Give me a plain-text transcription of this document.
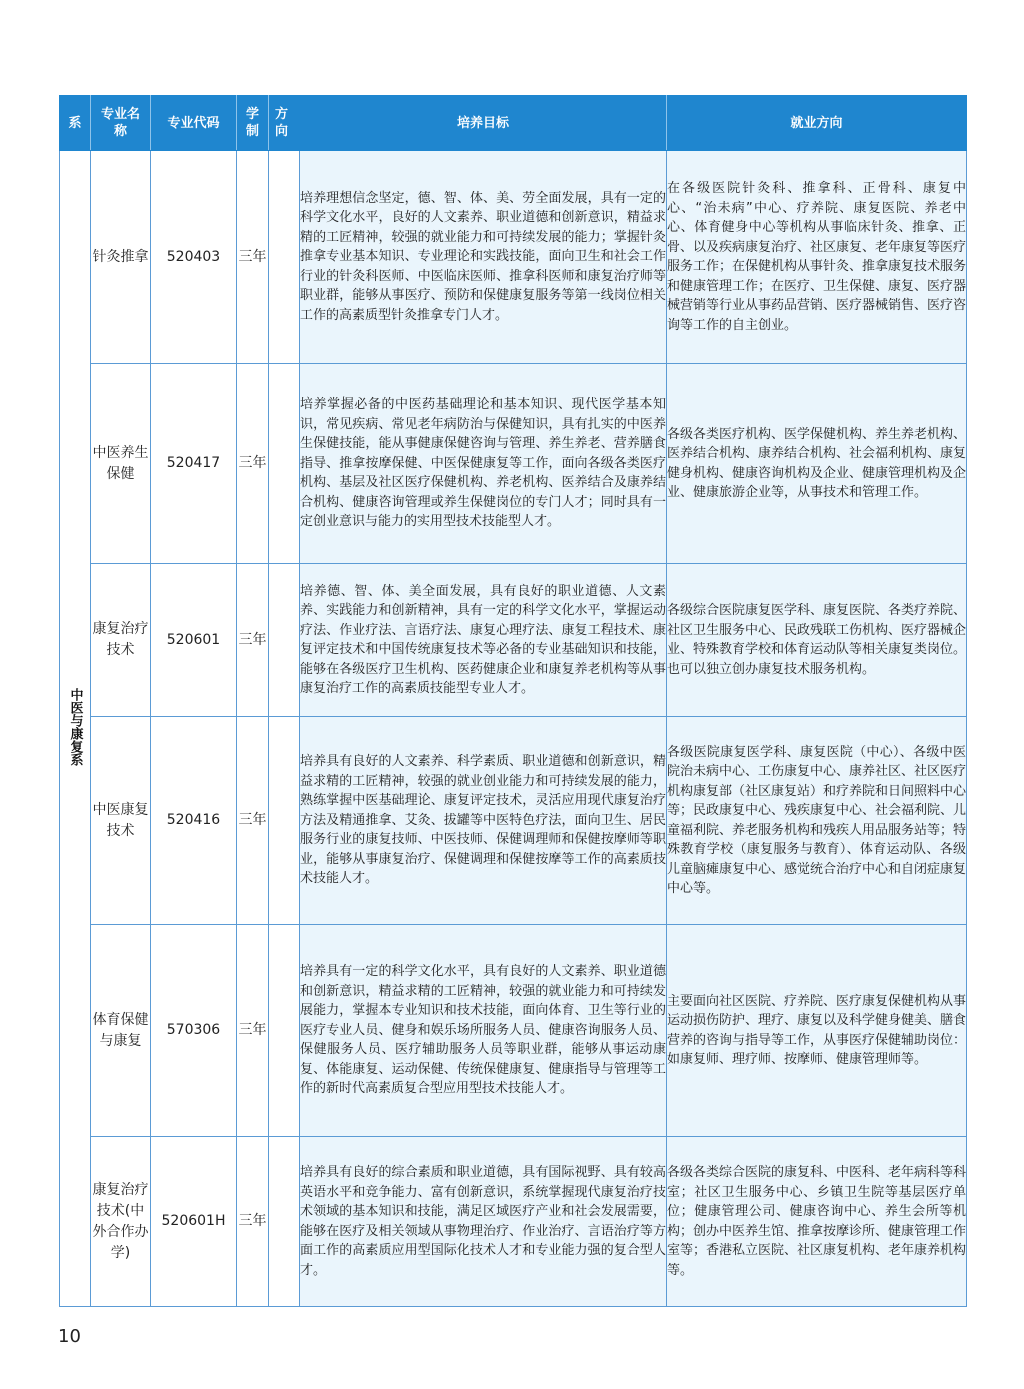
系	专业名称	专业代码	学制	方向	培养目标	就业方向
中医与康复系	针灸推拿	520403	三年		培养理想信念坚定，德、智、体、美、劳全面发展，具有一定的科学文化水平，良好的人文素养、职业道德和创新意识，精益求精的工匠精神，较强的就业能力和可持续发展的能力；掌握针灸推拿专业基本知识、专业理论和实践技能，面向卫生和社会工作行业的针灸科医师、中医临床医师、推拿科医师和康复治疗师等职业群，能够从事医疗、预防和保健康复服务等第一线岗位相关工作的高素质型针灸推拿专门人才。	在各级医院针灸科、推拿科、正骨科、康复中心、“治未病”中心、疗养院、康复医院、养老中心、体育健身中心等机构从事临床针灸、推拿、正骨、以及疾病康复治疗、社区康复、老年康复等医疗服务工作；在保健机构从事针灸、推拿康复技术服务和健康管理工作；在医疗、卫生保健、康复、医疗器械营销等行业从事药品营销、医疗器械销售、医疗咨询等工作的自主创业。
	中医养生保健	520417	三年		培养掌握必备的中医药基础理论和基本知识、现代医学基本知识，常见疾病、常见老年病防治与保健知识，具有扎实的中医养生保健技能，能从事健康保健咨询与管理、养生养老、营养膳食指导、推拿按摩保健、中医保健康复等工作，面向各级各类医疗机构、基层及社区医疗保健机构、养老机构、医养结合及康养结合机构、健康咨询管理或养生保健岗位的专门人才；同时具有一定创业意识与能力的实用型技术技能型人才。	各级各类医疗机构、医学保健机构、养生养老机构、医养结合机构、康养结合机构、社会福利机构、康复健身机构、健康咨询机构及企业、健康管理机构及企业、健康旅游企业等，从事技术和管理工作。
	康复治疗技术	520601	三年		培养德、智、体、美全面发展，具有良好的职业道德、人文素养、实践能力和创新精神，具有一定的科学文化水平，掌握运动疗法、作业疗法、言语疗法、康复心理疗法、康复工程技术、康复评定技术和中国传统康复技术等必备的专业基础知识和技能，能够在各级医疗卫生机构、医药健康企业和康复养老机构等从事康复治疗工作的高素质技能型专业人才。	各级综合医院康复医学科、康复医院、各类疗养院、社区卫生服务中心、民政残联工伤机构、医疗器械企业、特殊教育学校和体育运动队等相关康复类岗位。也可以独立创办康复技术服务机构。
	中医康复技术	520416	三年		培养具有良好的人文素养、科学素质、职业道德和创新意识，精益求精的工匠精神，较强的就业创业能力和可持续发展的能力，熟练掌握中医基础理论、康复评定技术，灵活应用现代康复治疗方法及精通推拿、艾灸、拔罐等中医特色疗法，面向卫生、居民服务行业的康复技师、中医技师、保健调理师和保健按摩师等职业，能够从事康复治疗、保健调理和保健按摩等工作的高素质技术技能人才。	各级医院康复医学科、康复医院（中心）、各级中医院治未病中心、工伤康复中心、康养社区、社区医疗机构康复部（社区康复站）和疗养院和日间照料中心等；民政康复中心、残疾康复中心、社会福利院、儿童福利院、养老服务机构和残疾人用品服务站等；特殊教育学校（康复服务与教育）、体育运动队、各级儿童脑瘫康复中心、感觉统合治疗中心和自闭症康复中心等。
	体育保健与康复	570306	三年		培养具有一定的科学文化水平，具有良好的人文素养、职业道德和创新意识，精益求精的工匠精神，较强的就业能力和可持续发展能力，掌握本专业知识和技术技能，面向体育、卫生等行业的医疗专业人员、健身和娱乐场所服务人员、健康咨询服务人员、保健服务人员、医疗辅助服务人员等职业群，能够从事运动康复、体能康复、运动保健、传统保健康复、健康指导与管理等工作的新时代高素质复合型应用型技术技能人才。	主要面向社区医院、疗养院、医疗康复保健机构从事运动损伤防护、理疗、康复以及科学健身健美、膳食营养的咨询与指导等工作，从事医疗保健辅助岗位：如康复师、理疗师、按摩师、健康管理师等。
	康复治疗技术(中外合作办学)	520601H	三年		培养具有良好的综合素质和职业道德，具有国际视野、具有较高英语水平和竞争能力、富有创新意识，系统掌握现代康复治疗技术领域的基本知识和技能，满足区域医疗产业和社会发展需要，能够在医疗及相关领域从事物理治疗、作业治疗、言语治疗等方面工作的高素质应用型国际化技术人才和专业能力强的复合型人才。	各级各类综合医院的康复科、中医科、老年病科等科室；社区卫生服务中心、乡镇卫生院等基层医疗单位；健康管理公司、健康咨询中心、养生会所等机构；创办中医养生馆、推拿按摩诊所、健康管理工作室等；香港私立医院、社区康复机构、老年康养机构等。
10
